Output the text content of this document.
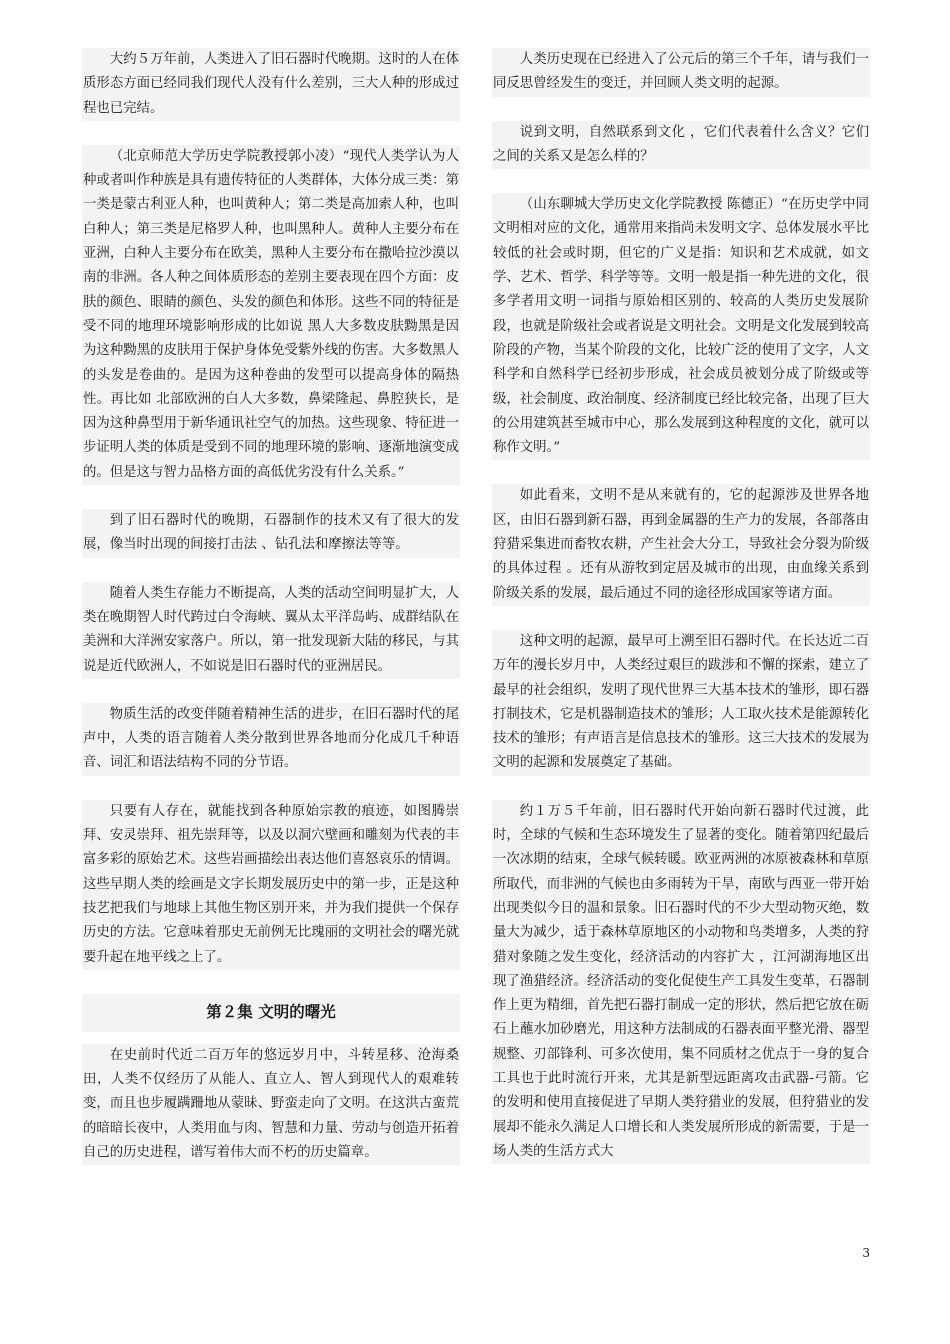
大约５万年前，人类进入了旧石器时代晚期。这时的人在体质形态方面已经同我们现代人没有什么差别，三大人种的形成过程也已完结。

（北京师范大学历史学院教授郭小凌）“现代人类学认为人种或者叫作种族是具有遗传特征的人类群体，大体分成三类：第一类是蒙古利亚人种，也叫黄种人；第二类是高加索人种，也叫白种人；第三类是尼格罗人种，也叫黑种人。黄种人主要分布在亚洲，白种人主要分布在欧美，黑种人主要分布在撒哈拉沙漠以南的非洲。各人种之间体质形态的差别主要表现在四个方面：皮肤的颜色、眼睛的颜色、头发的颜色和体形。这些不同的特征是受不同的地理环境影响形成的比如说 黑人大多数皮肤黝黑是因为这种黝黑的皮肤用于保护身体免受紫外线的伤害。大多数黑人的头发是卷曲的。是因为这种卷曲的发型可以提高身体的隔热性。再比如 北部欧洲的白人大多数，鼻梁隆起、鼻腔狭长，是因为这种鼻型用于新华通讯社空气的加热。这些现象、特征进一步证明人类的体质是受到不同的地理环境的影响、逐渐地演变成的。但是这与智力品格方面的高低优劣没有什么关系。”

到了旧石器时代的晚期，石器制作的技术又有了很大的发展，像当时出现的间接打击法 、钻孔法和摩擦法等等。

随着人类生存能力不断提高，人类的活动空间明显扩大，人类在晚期智人时代跨过白令海峡、翼从太平洋岛屿、成群结队在美洲和大洋洲安家落户。所以，第一批发现新大陆的移民，与其说是近代欧洲人，不如说是旧石器时代的亚洲居民。

物质生活的改变伴随着精神生活的进步，在旧石器时代的尾声中，人类的语言随着人类分散到世界各地而分化成几千种语音、词汇和语法结构不同的分节语。

只要有人存在，就能找到各种原始宗教的痕迹，如图腾崇拜、安灵崇拜、祖先崇拜等，以及以洞穴壁画和雕刻为代表的丰富多彩的原始艺术。这些岩画描绘出表达他们喜怒哀乐的情调。这些早期人类的绘画是文字长期发展历史中的第一步，正是这种技艺把我们与地球上其他生物区别开来，并为我们提供一个保存历史的方法。它意味着那史无前例无比瑰丽的文明社会的曙光就要升起在地平线之上了。

第２集 文明的曙光

在史前时代近二百万年的悠远岁月中，斗转星移、沧海桑田，人类不仅经历了从能人、直立人、智人到现代人的艰难转变，而且也步履蹒跚地从蒙昧、野蛮走向了文明。在这洪古蛮荒的暗暗长夜中，人类用血与肉、智慧和力量、劳动与创造开拓着自己的历史进程，谱写着伟大而不朽的历史篇章。

人类历史现在已经进入了公元后的第三个千年，请与我们一同反思曾经发生的变迁，并回顾人类文明的起源。

说到文明，自然联系到文化 ，它们代表着什么含义？它们之间的关系又是怎么样的？

（山东聊城大学历史文化学院教授 陈德正）“在历史学中同文明相对应的文化，通常用来指尚未发明文字、总体发展水平比较低的社会或时期，但它的广义是指：知识和艺术成就，如文学、艺术、哲学、科学等等。文明一般是指一种先进的文化，很多学者用文明一词指与原始相区别的、较高的人类历史发展阶段，也就是阶级社会或者说是文明社会。文明是文化发展到较高阶段的产物，当某个阶段的文化，比较广泛的使用了文字，人文科学和自然科学已经初步形成，社会成员被划分成了阶级或等级，社会制度、政治制度、经济制度已经比较完备，出现了巨大的公用建筑甚至城市中心，那么发展到这种程度的文化，就可以称作文明。”

如此看来，文明不是从来就有的，它的起源涉及世界各地区，由旧石器到新石器，再到金属器的生产力的发展，各部落由狩猎采集进而畜牧农耕，产生社会大分工，导致社会分裂为阶级的具体过程 。还有从游牧到定居及城市的出现，由血缘关系到阶级关系的发展，最后通过不同的途径形成国家等诸方面。

这种文明的起源，最早可上溯至旧石器时代。在长达近二百万年的漫长岁月中，人类经过艰巨的跋涉和不懈的探索，建立了最早的社会组织，发明了现代世界三大基本技术的雏形，即石器打制技术，它是机器制造技术的雏形；人工取火技术是能源转化技术的雏形；有声语言是信息技术的雏形。这三大技术的发展为文明的起源和发展奠定了基础。

约１万５千年前，旧石器时代开始向新石器时代过渡，此时，全球的气候和生态环境发生了显著的变化。随着第四纪最后一次冰期的结束，全球气候转暖。欧亚两洲的冰原被森林和草原所取代，而非洲的气候也由多雨转为干旱，南欧与西亚一带开始出现类似今日的温和景象。旧石器时代的不少大型动物灭绝，数量大为减少，适于森林草原地区的小动物和鸟类增多，人类的狩猎对象随之发生变化，经济活动的内容扩大 ，江河湖海地区出现了渔猎经济。经济活动的变化促使生产工具发生变革，石器制作上更为精细，首先把石器打制成一定的形状，然后把它放在砺石上蘸水加砂磨光，用这种方法制成的石器表面平整光滑、器型规整、刃部锋利、可多次使用，集不同质材之优点于一身的复合工具也于此时流行开来，尤其是新型远距离攻击武器-弓箭。它的发明和使用直接促进了早期人类狩猎业的发展，但狩猎业的发展却不能永久满足人口增长和人类发展所形成的新需要，于是一场人类的生活方式大

3
